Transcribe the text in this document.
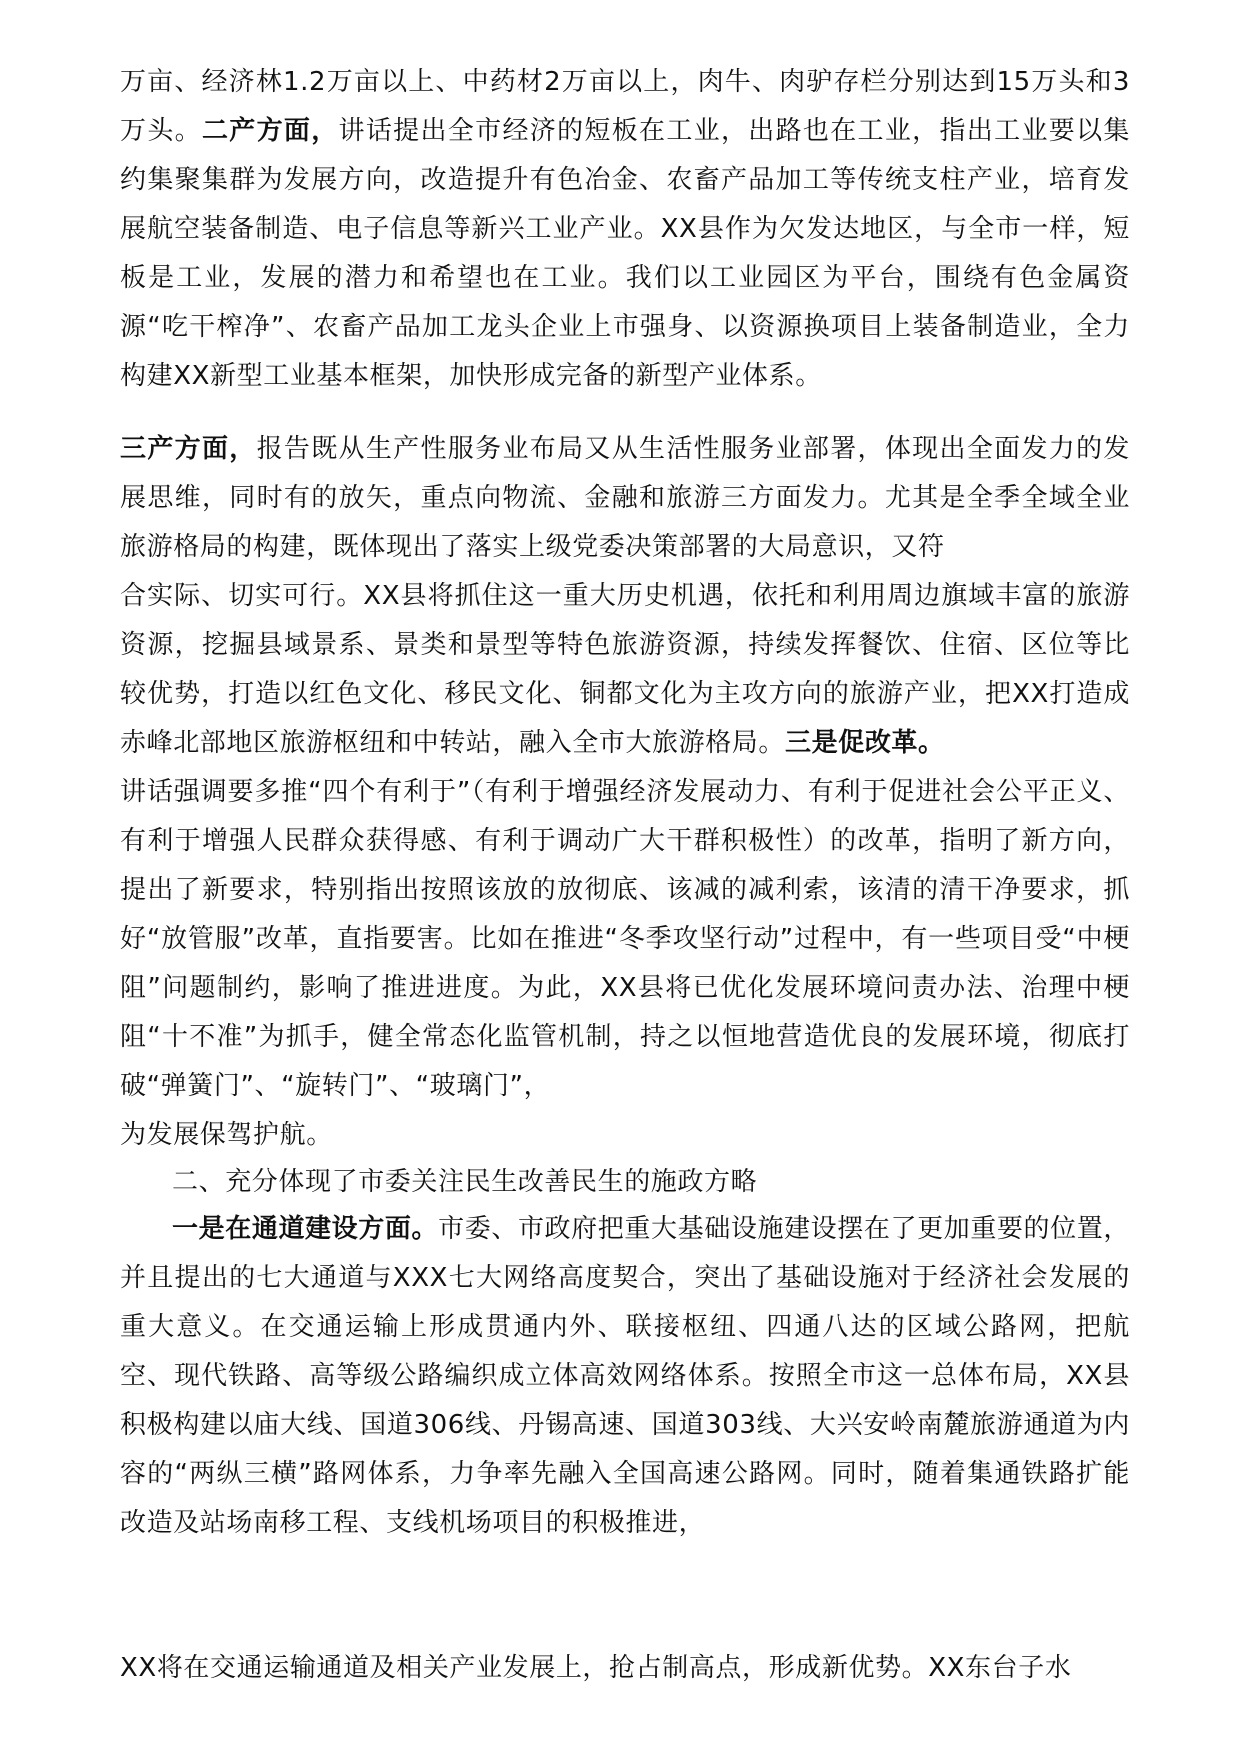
万亩、经济林1.2万亩以上、中药材2万亩以上，肉牛、肉驴存栏分别达到15万头和3万头。二产方面，讲话提出全市经济的短板在工业，出路也在工业，指出工业要以集约集聚集群为发展方向，改造提升有色冶金、农畜产品加工等传统支柱产业，培育发展航空装备制造、电子信息等新兴工业产业。XX县作为欠发达地区，与全市一样，短板是工业，发展的潜力和希望也在工业。我们以工业园区为平台，围绕有色金属资源“吃干榨净”、农畜产品加工龙头企业上市强身、以资源换项目上装备制造业，全力构建XX新型工业基本框架，加快形成完备的新型产业体系。

三产方面，报告既从生产性服务业布局又从生活性服务业部署，体现出全面发力的发展思维，同时有的放矢，重点向物流、金融和旅游三方面发力。尤其是全季全域全业旅游格局的构建，既体现出了落实上级党委决策部署的大局意识，又符

合实际、切实可行。XX县将抓住这一重大历史机遇，依托和利用周边旗域丰富的旅游资源，挖掘县域景系、景类和景型等特色旅游资源，持续发挥餐饮、住宿、区位等比较优势，打造以红色文化、移民文化、铜都文化为主攻方向的旅游产业，把XX打造成赤峰北部地区旅游枢纽和中转站，融入全市大旅游格局。三是促改革。

讲话强调要多推“四个有利于”（有利于增强经济发展动力、有利于促进社会公平正义、有利于增强人民群众获得感、有利于调动广大干群积极性）的改革，指明了新方向，提出了新要求，特别指出按照该放的放彻底、该减的减利索，该清的清干净要求，抓好“放管服”改革，直指要害。比如在推进“冬季攻坚行动”过程中，有一些项目受“中梗阻”问题制约，影响了推进进度。为此，XX县将已优化发展环境问责办法、治理中梗阻“十不准”为抓手，健全常态化监管机制，持之以恒地营造优良的发展环境，彻底打破“弹簧门”、“旋转门”、“玻璃门”，

为发展保驾护航。

二、充分体现了市委关注民生改善民生的施政方略

一是在通道建设方面。市委、市政府把重大基础设施建设摆在了更加重要的位置，并且提出的七大通道与XXX七大网络高度契合，突出了基础设施对于经济社会发展的重大意义。在交通运输上形成贯通内外、联接枢纽、四通八达的区域公路网，把航空、现代铁路、高等级公路编织成立体高效网络体系。按照全市这一总体布局，XX县积极构建以庙大线、国道306线、丹锡高速、国道303线、大兴安岭南麓旅游通道为内容的“两纵三横”路网体系，力争率先融入全国高速公路网。同时，随着集通铁路扩能改造及站场南移工程、支线机场项目的积极推进，

XX将在交通运输通道及相关产业发展上，抢占制高点，形成新优势。XX东台子水
